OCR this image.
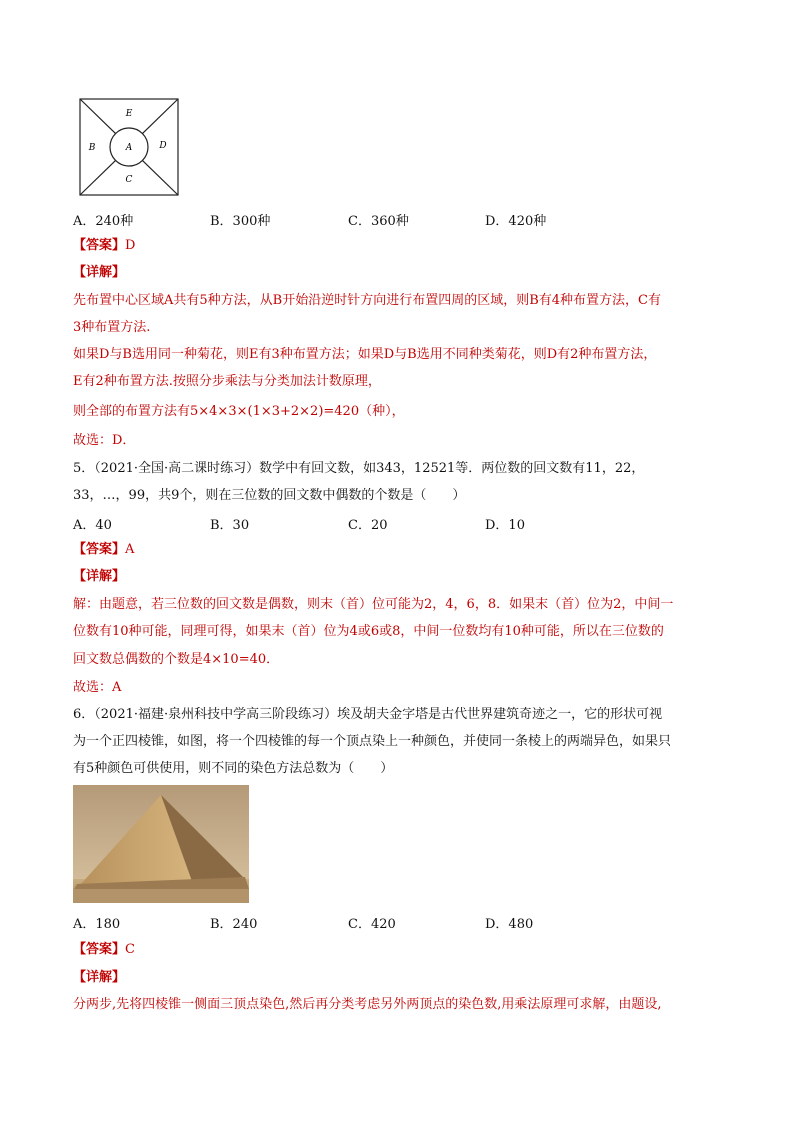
E
B	A	D
C
A．240种	B．300种	C．360种	D．420种
【答案】D
【详解】
先布置中心区域A共有5种方法，从B开始沿逆时针方向进行布置四周的区域，则B有4种布置方法，C有
3种布置方法.
如果D与B选用同一种菊花，则E有3种布置方法；如果D与B选用不同种类菊花，则D有2种布置方法，
E有2种布置方法.按照分步乘法与分类加法计数原理，
则全部的布置方法有5×4×3×(1×3+2×2)=420（种），
故选：D．
5．（2021·全国·高二课时练习）数学中有回文数，如343，12521等．两位数的回文数有11，22，
33，…，99，共9个，则在三位数的回文数中偶数的个数是（　　）
A．40	B．30	C．20	D．10
【答案】A
【详解】
解：由题意，若三位数的回文数是偶数，则末（首）位可能为2，4，6，8．如果末（首）位为2，中间一
位数有10种可能，同理可得，如果末（首）位为4或6或8，中间一位数均有10种可能，所以在三位数的
回文数总偶数的个数是4×10=40．
故选：A
6．（2021·福建·泉州科技中学高三阶段练习）埃及胡夫金字塔是古代世界建筑奇迹之一，它的形状可视
为一个正四棱锥，如图，将一个四棱锥的每一个顶点染上一种颜色，并使同一条棱上的两端异色，如果只
有5种颜色可供使用，则不同的染色方法总数为（　　）
A．180	B．240	C．420	D．480
【答案】C
【详解】
分两步,先将四棱锥一侧面三顶点染色,然后再分类考虑另外两顶点的染色数,用乘法原理可求解，由题设,
